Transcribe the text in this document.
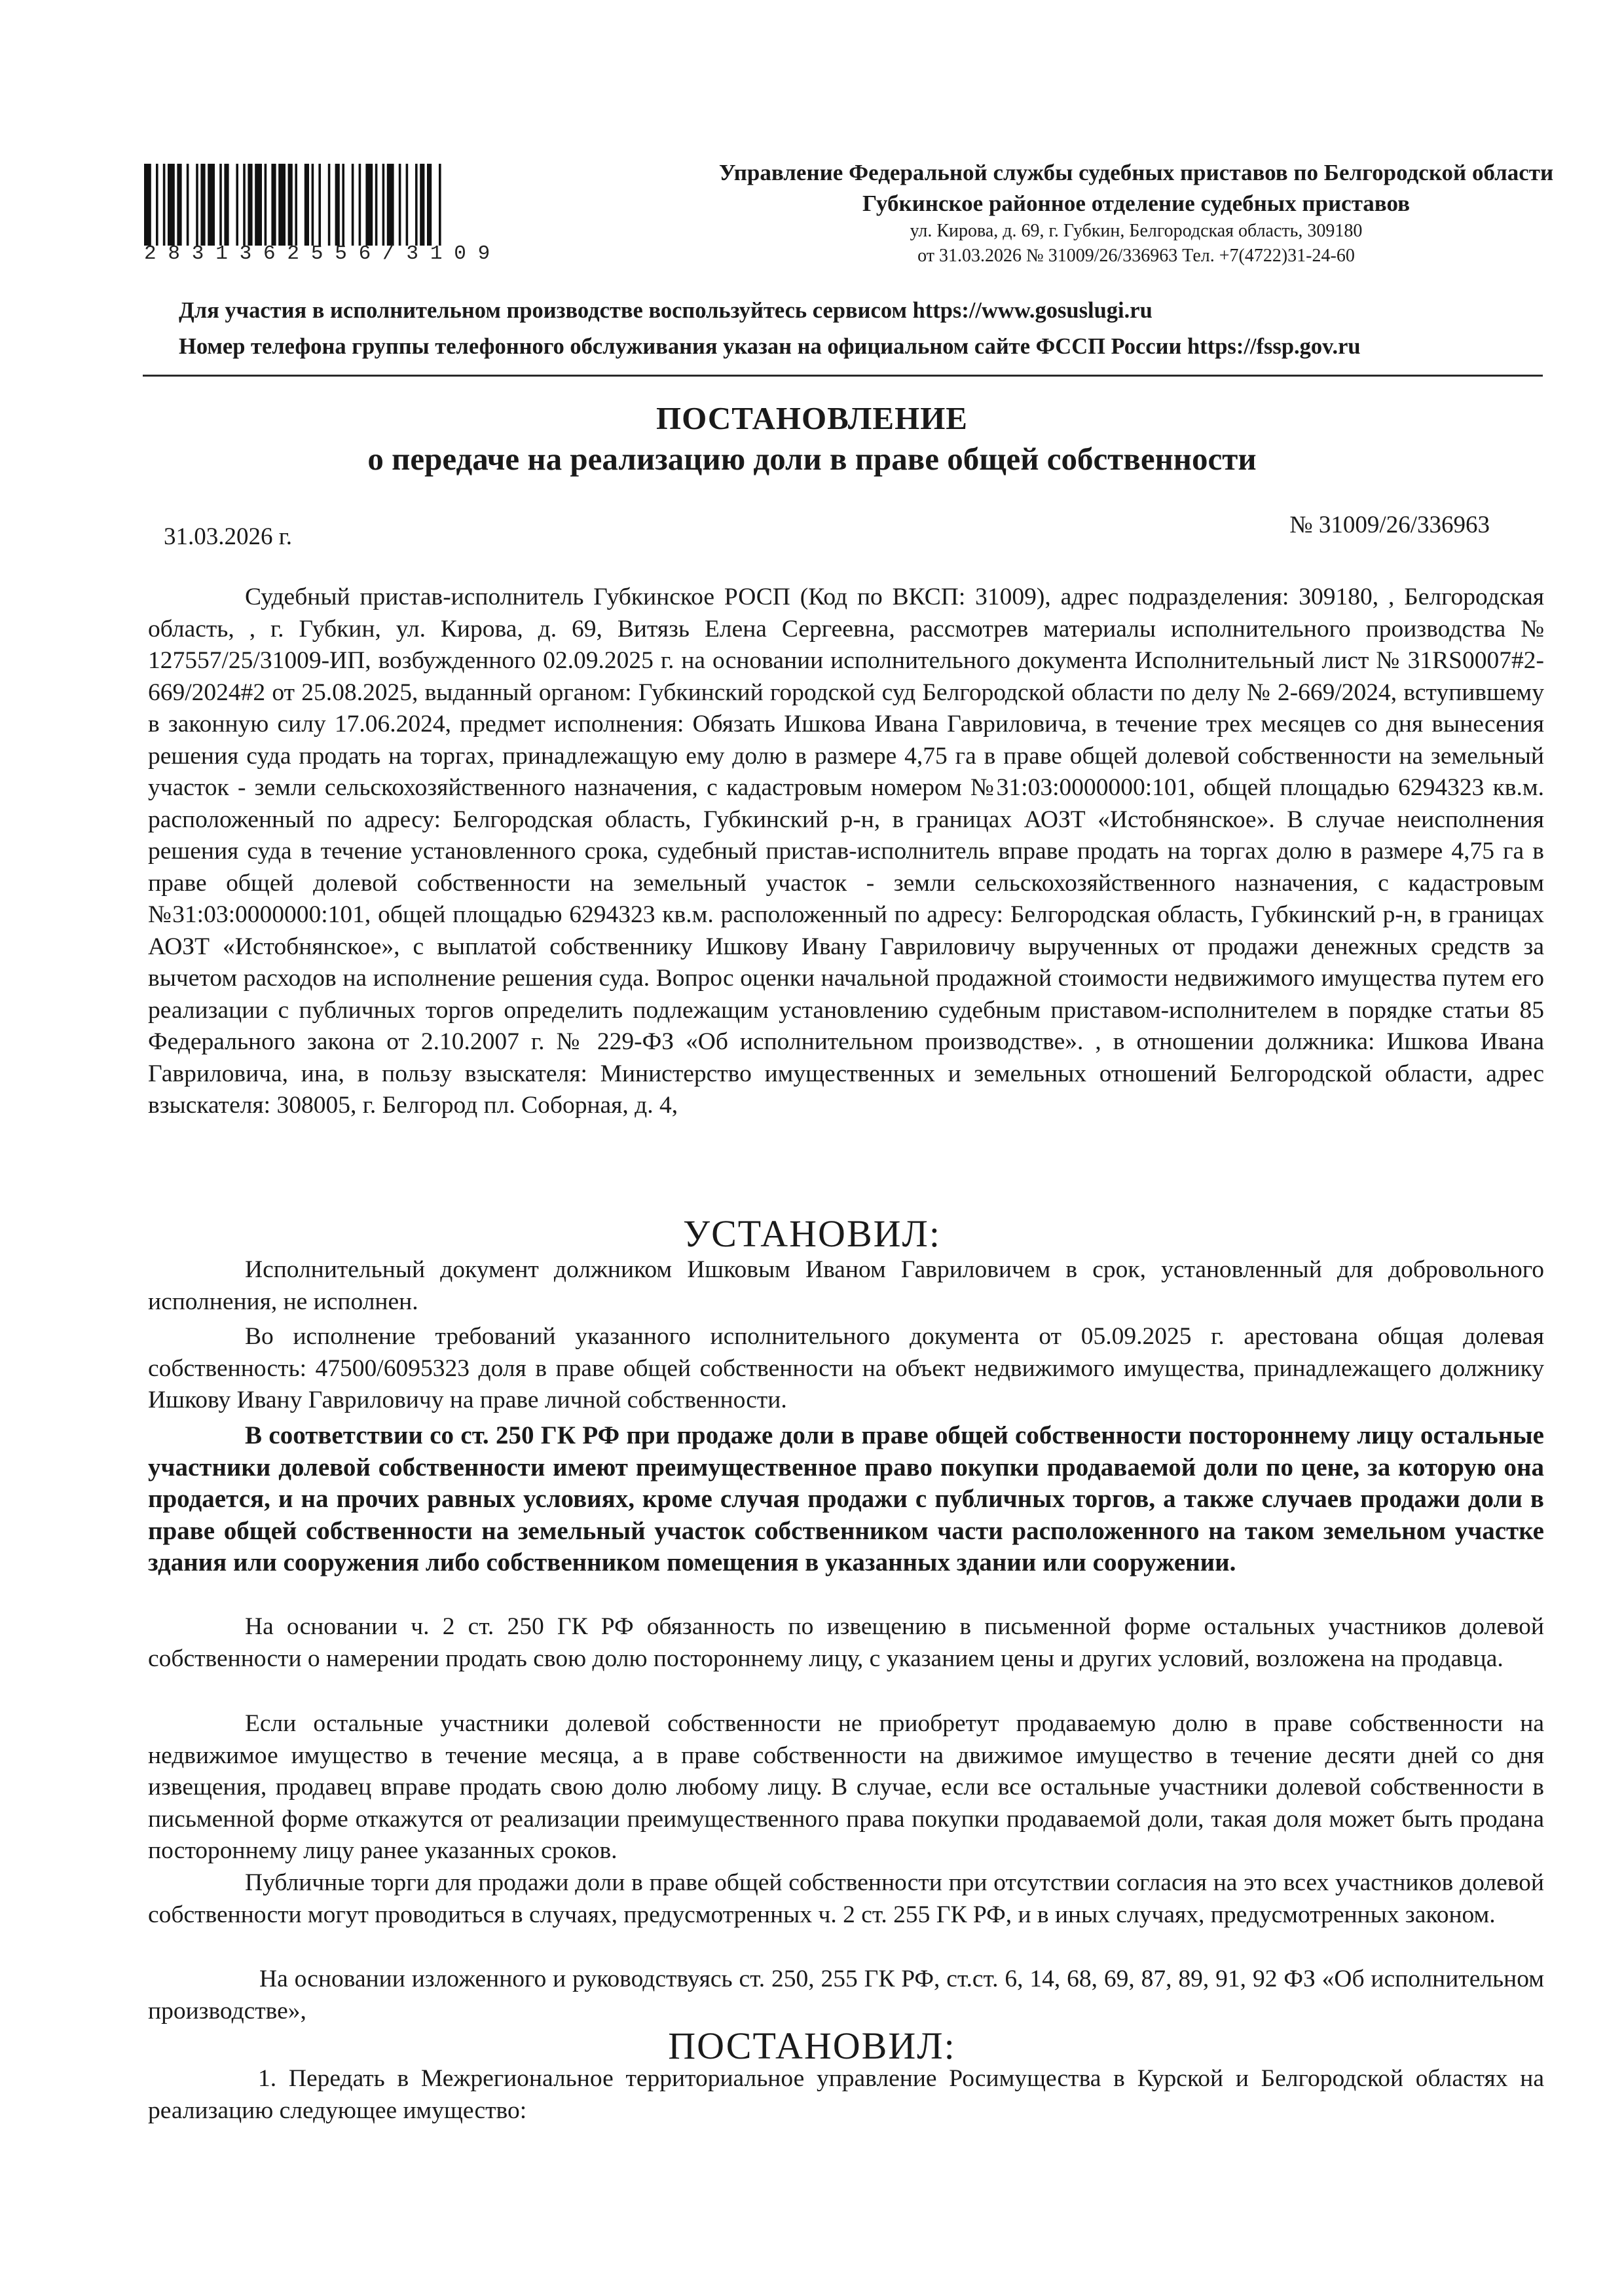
2831362556/3109
Управление Федеральной службы судебных приставов по Белгородской области
Губкинское районное отделение судебных приставов
ул. Кирова, д. 69, г. Губкин, Белгородская область, 309180
от 31.03.2026 № 31009/26/336963 Тел. +7(4722)31-24-60
Для участия в исполнительном производстве воспользуйтесь сервисом https://www.gosuslugi.ru
Номер телефона группы телефонного обслуживания указан на официальном сайте ФССП России https://fssp.gov.ru
ПОСТАНОВЛЕНИЕ
о передаче на реализацию доли в праве общей собственности
31.03.2026 г.	№ 31009/26/336963
Судебный пристав-исполнитель Губкинское РОСП (Код по ВКСП: 31009), адрес подразделения: 309180, , Белгородская область, , г. Губкин, ул. Кирова, д. 69, Витязь Елена Сергеевна, рассмотрев материалы исполнительного производства № 127557/25/31009-ИП, возбужденного 02.09.2025 г. на основании исполнительного документа Исполнительный лист № 31RS0007#2-669/2024#2 от 25.08.2025, выданный органом: Губкинский городской суд Белгородской области по делу № 2-669/2024, вступившему в законную силу 17.06.2024, предмет исполнения: Обязать Ишкова Ивана Гавриловича, в течение трех месяцев со дня вынесения решения суда продать на торгах, принадлежащую ему долю в размере 4,75 га в праве общей долевой собственности на земельный участок - земли сельскохозяйственного назначения, с кадастровым номером №31:03:0000000:101, общей площадью 6294323 кв.м. расположенный по адресу: Белгородская область, Губкинский р-н, в границах АОЗТ «Истобнянское». В случае неисполнения решения суда в течение установленного срока, судебный пристав-исполнитель вправе продать на торгах долю в размере 4,75 га в праве общей долевой собственности на земельный участок - земли сельскохозяйственного назначения, с кадастровым №31:03:0000000:101, общей площадью 6294323 кв.м. расположенный по адресу: Белгородская область, Губкинский р-н, в границах АОЗТ «Истобнянское», с выплатой собственнику Ишкову Ивану Гавриловичу вырученных от продажи денежных средств за вычетом расходов на исполнение решения суда. Вопрос оценки начальной продажной стоимости недвижимого имущества путем его реализации с публичных торгов определить подлежащим установлению судебным приставом-исполнителем в порядке статьи 85 Федерального закона от 2.10.2007 г. № 229-ФЗ «Об исполнительном производстве». , в отношении должника: Ишкова Ивана Гавриловича, ина, в пользу взыскателя: Министерство имущественных и земельных отношений Белгородской области, адрес взыскателя: 308005, г. Белгород пл. Соборная, д. 4,
УСТАНОВИЛ:
Исполнительный документ должником Ишковым Иваном Гавриловичем в срок, установленный для добровольного исполнения, не исполнен.
Во исполнение требований указанного исполнительного документа от 05.09.2025 г. арестована общая долевая собственность: 47500/6095323 доля в праве общей собственности на объект недвижимого имущества, принадлежащего должнику Ишкову Ивану Гавриловичу на праве личной собственности.
В соответствии со ст. 250 ГК РФ при продаже доли в праве общей собственности постороннему лицу остальные участники долевой собственности имеют преимущественное право покупки продаваемой доли по цене, за которую она продается, и на прочих равных условиях, кроме случая продажи с публичных торгов, а также случаев продажи доли в праве общей собственности на земельный участок собственником части расположенного на таком земельном участке здания или сооружения либо собственником помещения в указанных здании или сооружении.
На основании ч. 2 ст. 250 ГК РФ обязанность по извещению в письменной форме остальных участников долевой собственности о намерении продать свою долю постороннему лицу, с указанием цены и других условий, возложена на продавца.
Если остальные участники долевой собственности не приобретут продаваемую долю в праве собственности на недвижимое имущество в течение месяца, а в праве собственности на движимое имущество в течение десяти дней со дня извещения, продавец вправе продать свою долю любому лицу. В случае, если все остальные участники долевой собственности в письменной форме откажутся от реализации преимущественного права покупки продаваемой доли, такая доля может быть продана постороннему лицу ранее указанных сроков.
Публичные торги для продажи доли в праве общей собственности при отсутствии согласия на это всех участников долевой собственности могут проводиться в случаях, предусмотренных ч. 2 ст. 255 ГК РФ, и в иных случаях, предусмотренных законом.
На основании изложенного и руководствуясь ст. 250, 255 ГК РФ, ст.ст. 6, 14, 68, 69, 87, 89, 91, 92 ФЗ «Об исполнительном производстве»,
ПОСТАНОВИЛ:
1. Передать в Межрегиональное территориальное управление Росимущества в Курской и Белгородской областях на реализацию следующее имущество:
